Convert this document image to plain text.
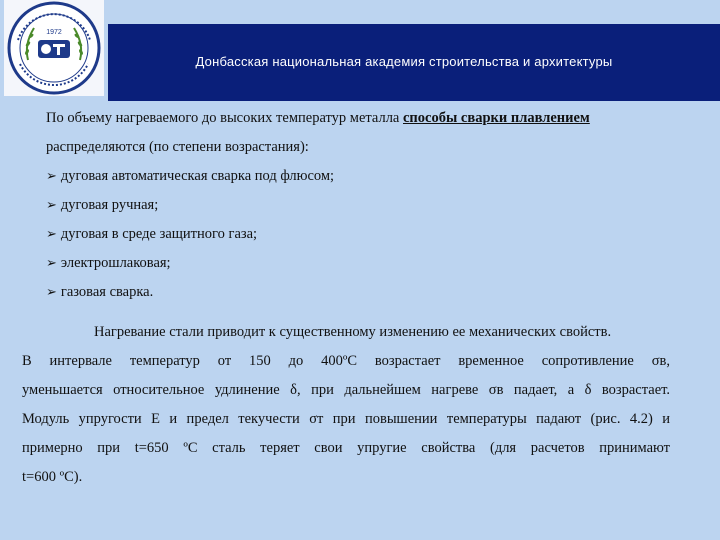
1972
Донбасская национальная академия строительства и архитектуры
По объему нагреваемого до высоких температур металла способы сварки плавлением
распределяются (по степени возрастания):
➢ дуговая автоматическая сварка под флюсом;
➢ дуговая ручная;
➢ дуговая в среде защитного газа;
➢ электрошлаковая;
➢ газовая сварка.
Нагревание стали приводит к существенному изменению ее механических свойств.
В интервале температур от 150 до 400ºС возрастает временное сопротивление σв,
уменьшается относительное удлинение δ, при дальнейшем нагреве σв падает, а δ возрастает.
Модуль упругости Е и предел текучести σт при повышении температуры падают (рис. 4.2) и
примерно при t=650 ºС сталь теряет свои упругие свойства (для расчетов принимают
t=600 ºС).
